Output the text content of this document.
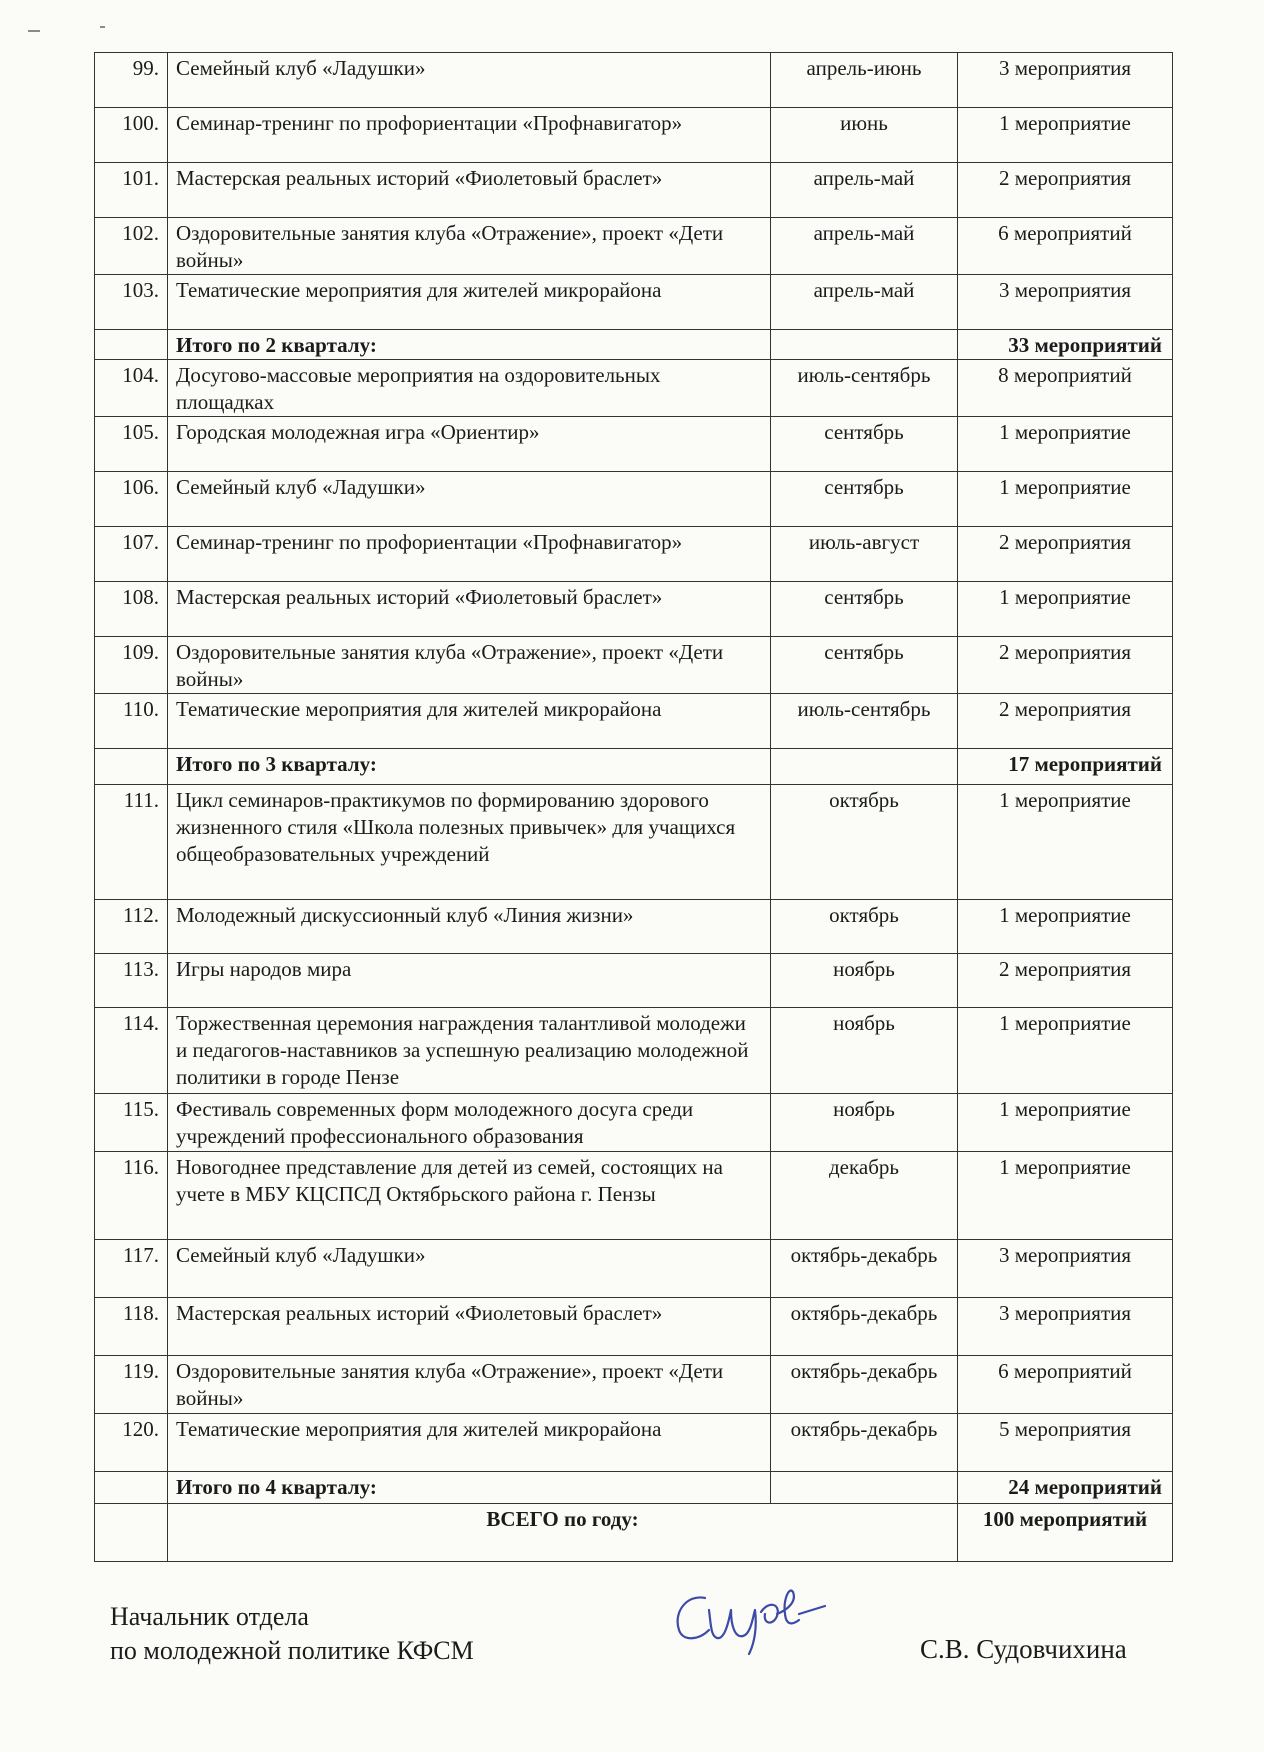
99.	Семейный клуб «Ладушки»	апрель-июнь	3 мероприятия
100.	Семинар-тренинг по профориентации «Профнавигатор»	июнь	1 мероприятие
101.	Мастерская реальных историй «Фиолетовый браслет»	апрель-май	2 мероприятия
102.	Оздоровительные занятия клуба «Отражение», проект «Дети войны»	апрель-май	6 мероприятий
103.	Тематические мероприятия для жителей микрорайона	апрель-май	3 мероприятия
	Итого по 2 кварталу:		33 мероприятий
104.	Досугово-массовые мероприятия на оздоровительных площадках	июль-сентябрь	8 мероприятий
105.	Городская молодежная игра «Ориентир»	сентябрь	1 мероприятие
106.	Семейный клуб «Ладушки»	сентябрь	1 мероприятие
107.	Семинар-тренинг по профориентации «Профнавигатор»	июль-август	2 мероприятия
108.	Мастерская реальных историй «Фиолетовый браслет»	сентябрь	1 мероприятие
109.	Оздоровительные занятия клуба «Отражение», проект «Дети войны»	сентябрь	2 мероприятия
110.	Тематические мероприятия для жителей микрорайона	июль-сентябрь	2 мероприятия
	Итого по 3 кварталу:		17 мероприятий
111.	Цикл семинаров-практикумов по формированию здорового жизненного стиля «Школа полезных привычек» для учащихся общеобразовательных учреждений	октябрь	1 мероприятие
112.	Молодежный дискуссионный клуб «Линия жизни»	октябрь	1 мероприятие
113.	Игры народов мира	ноябрь	2 мероприятия
114.	Торжественная церемония награждения талантливой молодежи и педагогов-наставников за успешную реализацию молодежной политики в городе Пензе	ноябрь	1 мероприятие
115.	Фестиваль современных форм молодежного досуга среди учреждений профессионального образования	ноябрь	1 мероприятие
116.	Новогоднее представление для детей из семей, состоящих на учете в МБУ КЦСПСД Октябрьского района г. Пензы	декабрь	1 мероприятие
117.	Семейный клуб «Ладушки»	октябрь-декабрь	3 мероприятия
118.	Мастерская реальных историй «Фиолетовый браслет»	октябрь-декабрь	3 мероприятия
119.	Оздоровительные занятия клуба «Отражение», проект «Дети войны»	октябрь-декабрь	6 мероприятий
120.	Тематические мероприятия для жителей микрорайона	октябрь-декабрь	5 мероприятия
	Итого по 4 кварталу:		24 мероприятий
	ВСЕГО по году:		100 мероприятий
Начальник отдела
по молодежной политике КФСМ	С.В. Судовчихина
